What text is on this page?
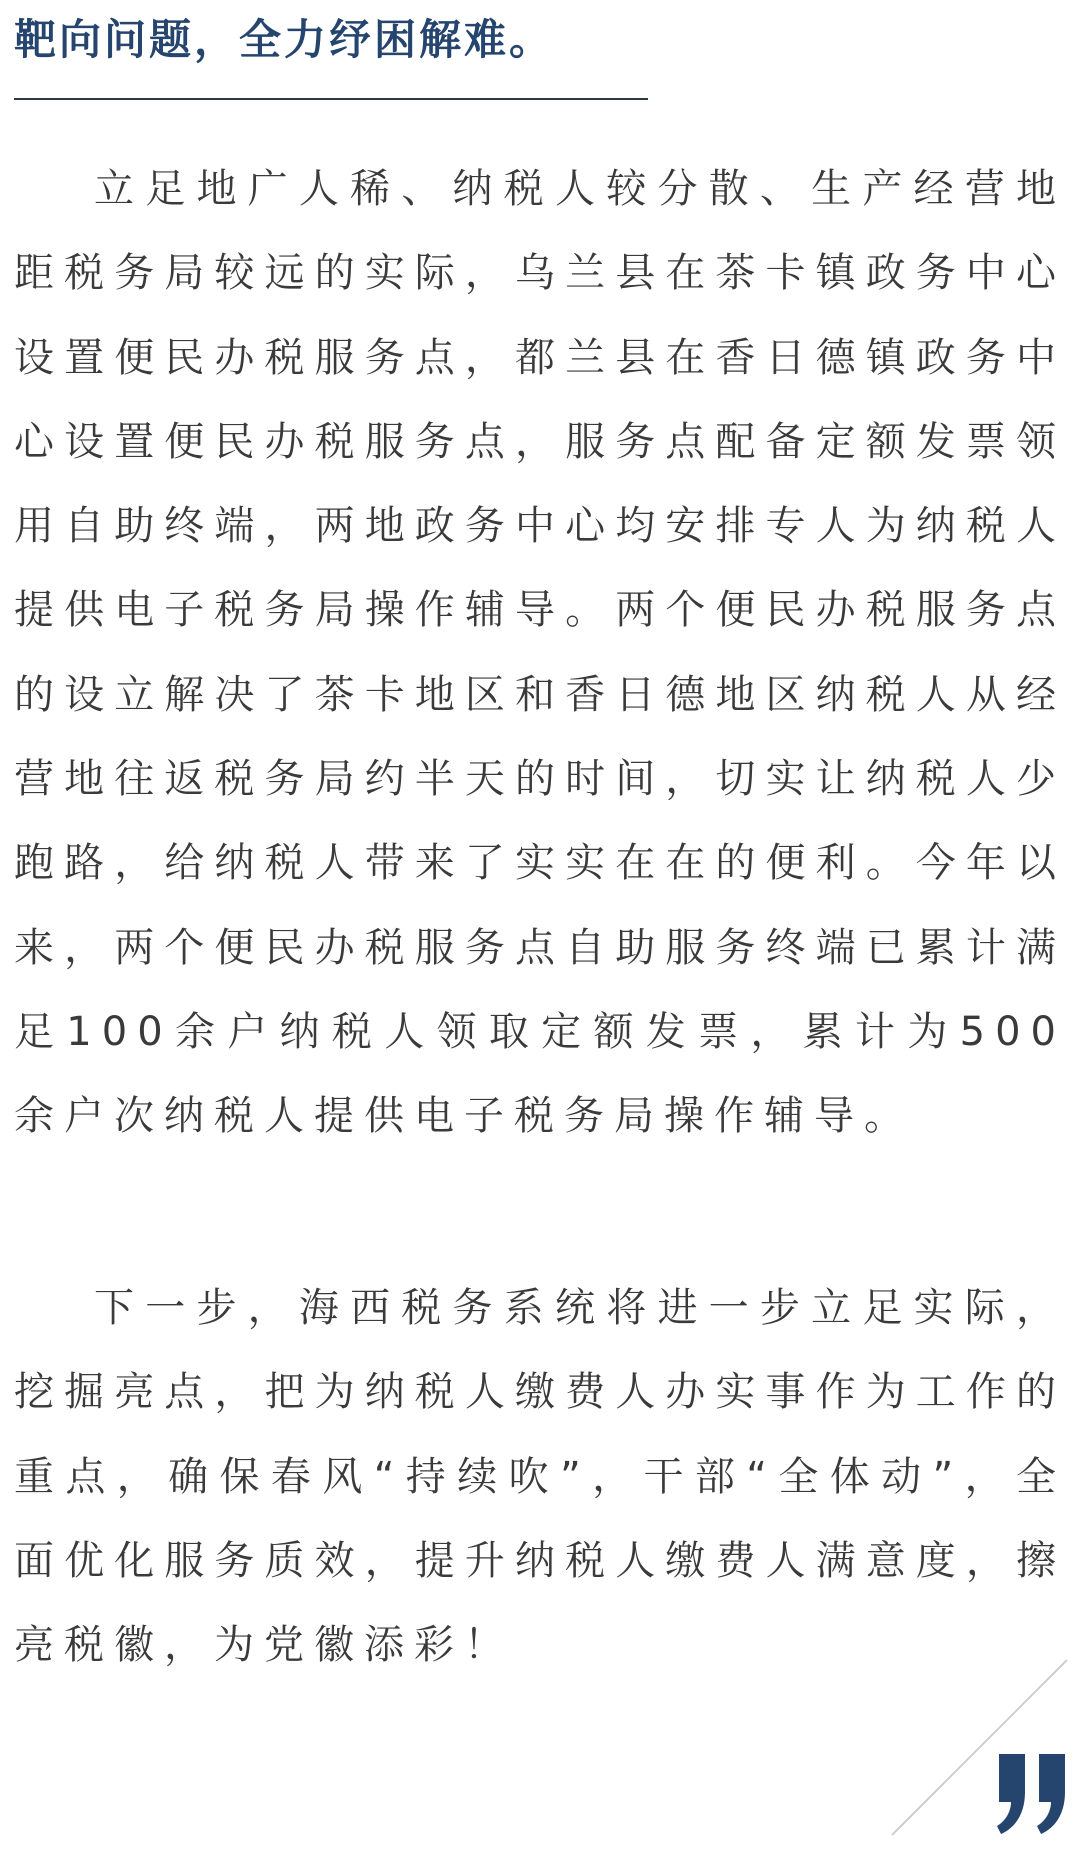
靶向问题，全力纾困解难。

立足地广人稀、纳税人较分散、生产经营地距税务局较远的实际，乌兰县在茶卡镇政务中心设置便民办税服务点，都兰县在香日德镇政务中心设置便民办税服务点，服务点配备定额发票领用自助终端，两地政务中心均安排专人为纳税人提供电子税务局操作辅导。两个便民办税服务点的设立解决了茶卡地区和香日德地区纳税人从经营地往返税务局约半天的时间，切实让纳税人少跑路，给纳税人带来了实实在在的便利。今年以来，两个便民办税服务点自助服务终端已累计满足100余户纳税人领取定额发票，累计为500余户次纳税人提供电子税务局操作辅导。

下一步，海西税务系统将进一步立足实际，挖掘亮点，把为纳税人缴费人办实事作为工作的重点，确保春风“持续吹”，干部“全体动”，全面优化服务质效，提升纳税人缴费人满意度，擦亮税徽，为党徽添彩！
